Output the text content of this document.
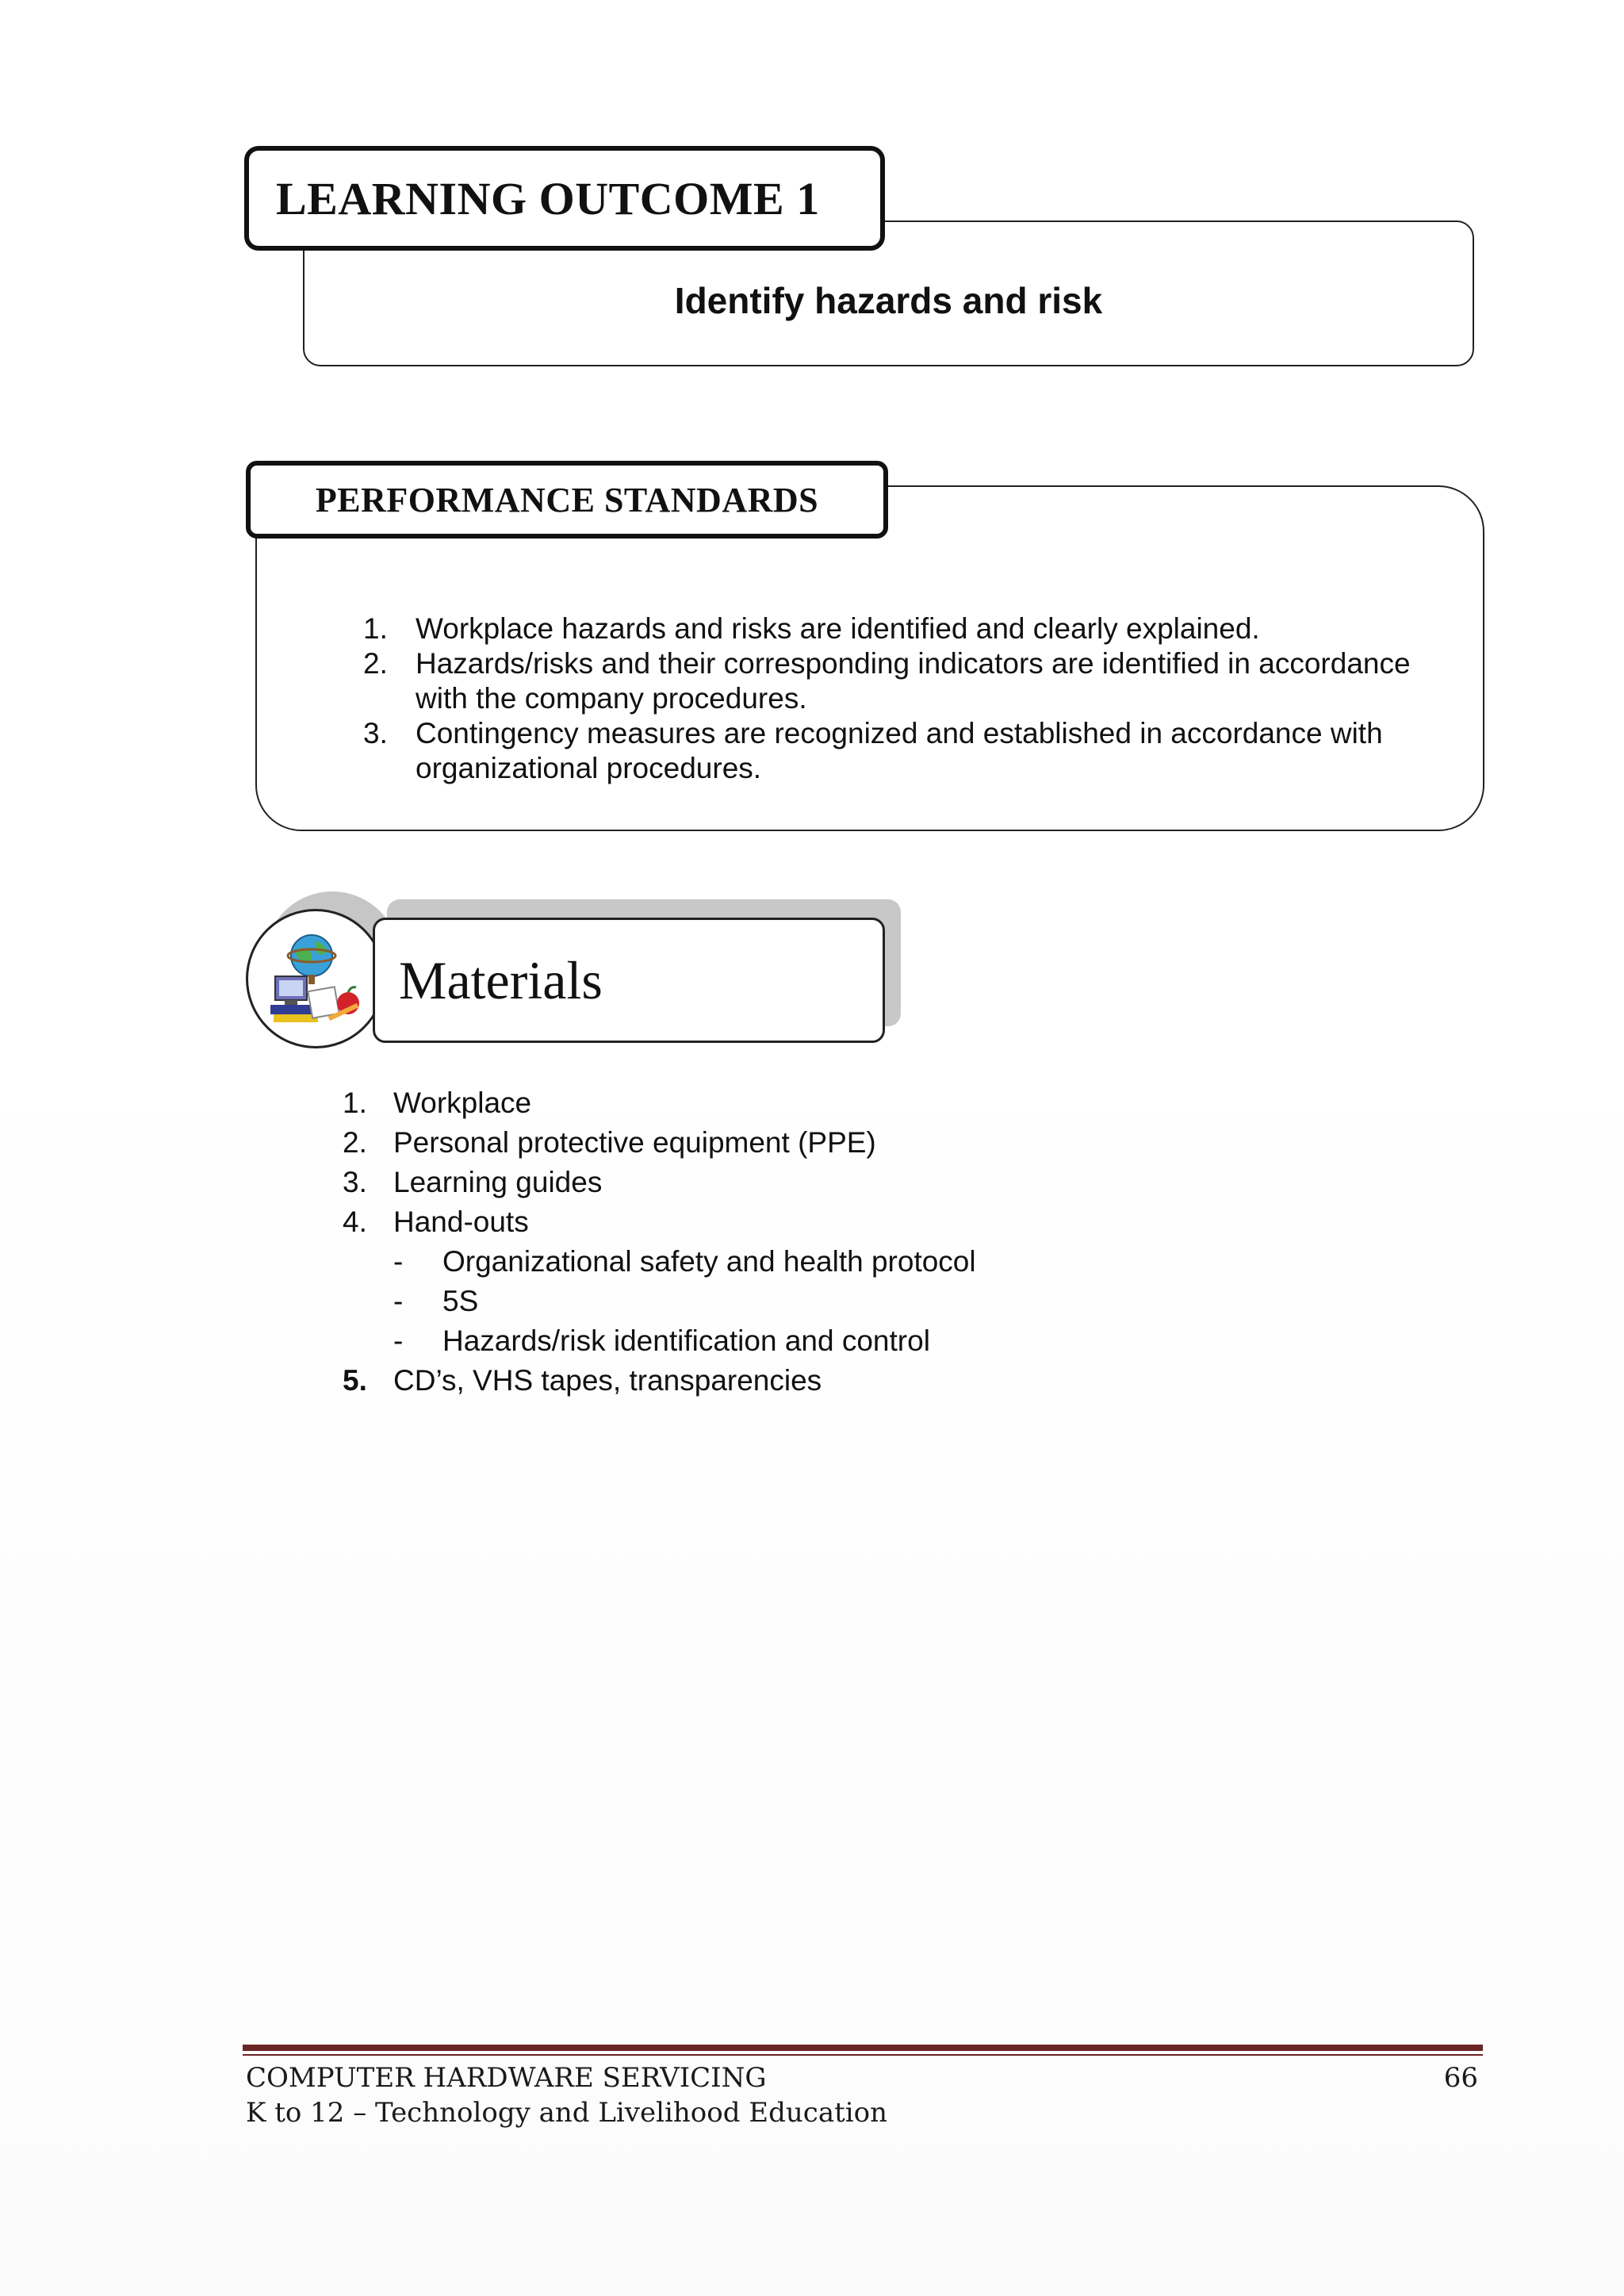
LEARNING OUTCOME 1
Identify hazards and risk
PERFORMANCE STANDARDS
1. Workplace hazards and risks are identified and clearly explained.
2. Hazards/risks and their corresponding indicators are identified in accordance with the company procedures.
3. Contingency measures are recognized and established in accordance with organizational procedures.
Materials
1. Workplace
2. Personal protective equipment (PPE)
3. Learning guides
4. Hand-outs
- Organizational safety and health protocol
- 5S
- Hazards/risk identification and control
5. CD’s, VHS tapes, transparencies
COMPUTER HARDWARE SERVICING
K to 12 – Technology and Livelihood Education
66
